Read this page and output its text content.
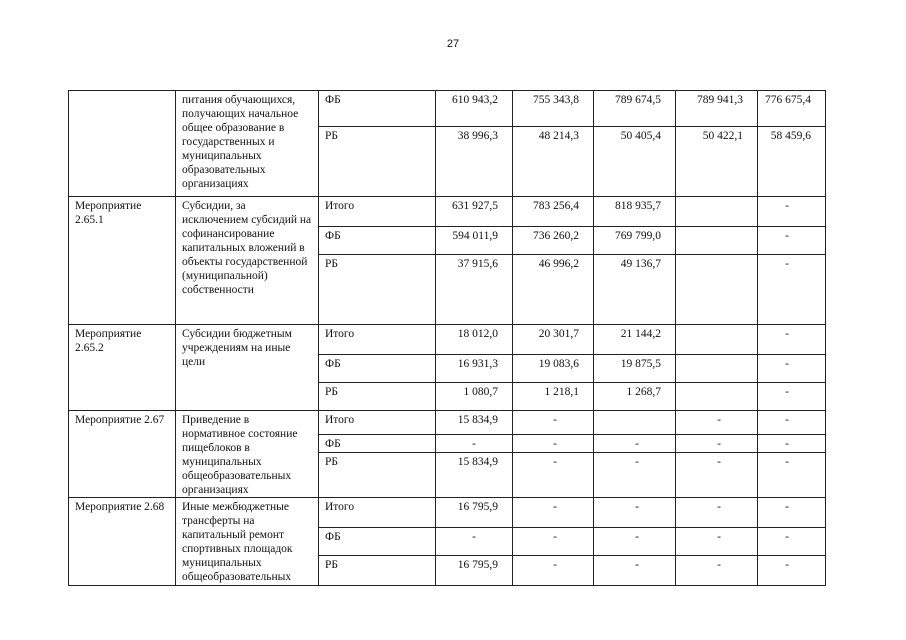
27
	питания обучающихся, получающих начальное общее образование в государственных и муниципальных образовательных организациях	ФБ	610 943,2	755 343,8	789 674,5	789 941,3	776 675,4
		РБ	38 996,3	48 214,3	50 405,4	50 422,1	58 459,6
Мероприятие 2.65.1	Субсидии, за исключением субсидий на софинансирование капитальных вложений в объекты государственной (муниципальной) собственности	Итого	631 927,5	783 256,4	818 935,7		-
		ФБ	594 011,9	736 260,2	769 799,0		-
		РБ	37 915,6	46 996,2	49 136,7		-
Мероприятие 2.65.2	Субсидии бюджетным учреждениям на иные цели	Итого	18 012,0	20 301,7	21 144,2		-
		ФБ	16 931,3	19 083,6	19 875,5		-
		РБ	1 080,7	1 218,1	1 268,7		-
Мероприятие 2.67	Приведение в нормативное состояние пищеблоков в муниципальных общеобразовательных организациях	Итого	15 834,9	-		-	-
		ФБ	-	-	-	-	-
		РБ	15 834,9	-	-	-	-
Мероприятие 2.68	Иные межбюджетные трансферты на капитальный ремонт спортивных площадок муниципальных общеобразовательных	Итого	16 795,9	-	-	-	-
		ФБ	-	-	-	-	-
		РБ	16 795,9	-	-	-	-
